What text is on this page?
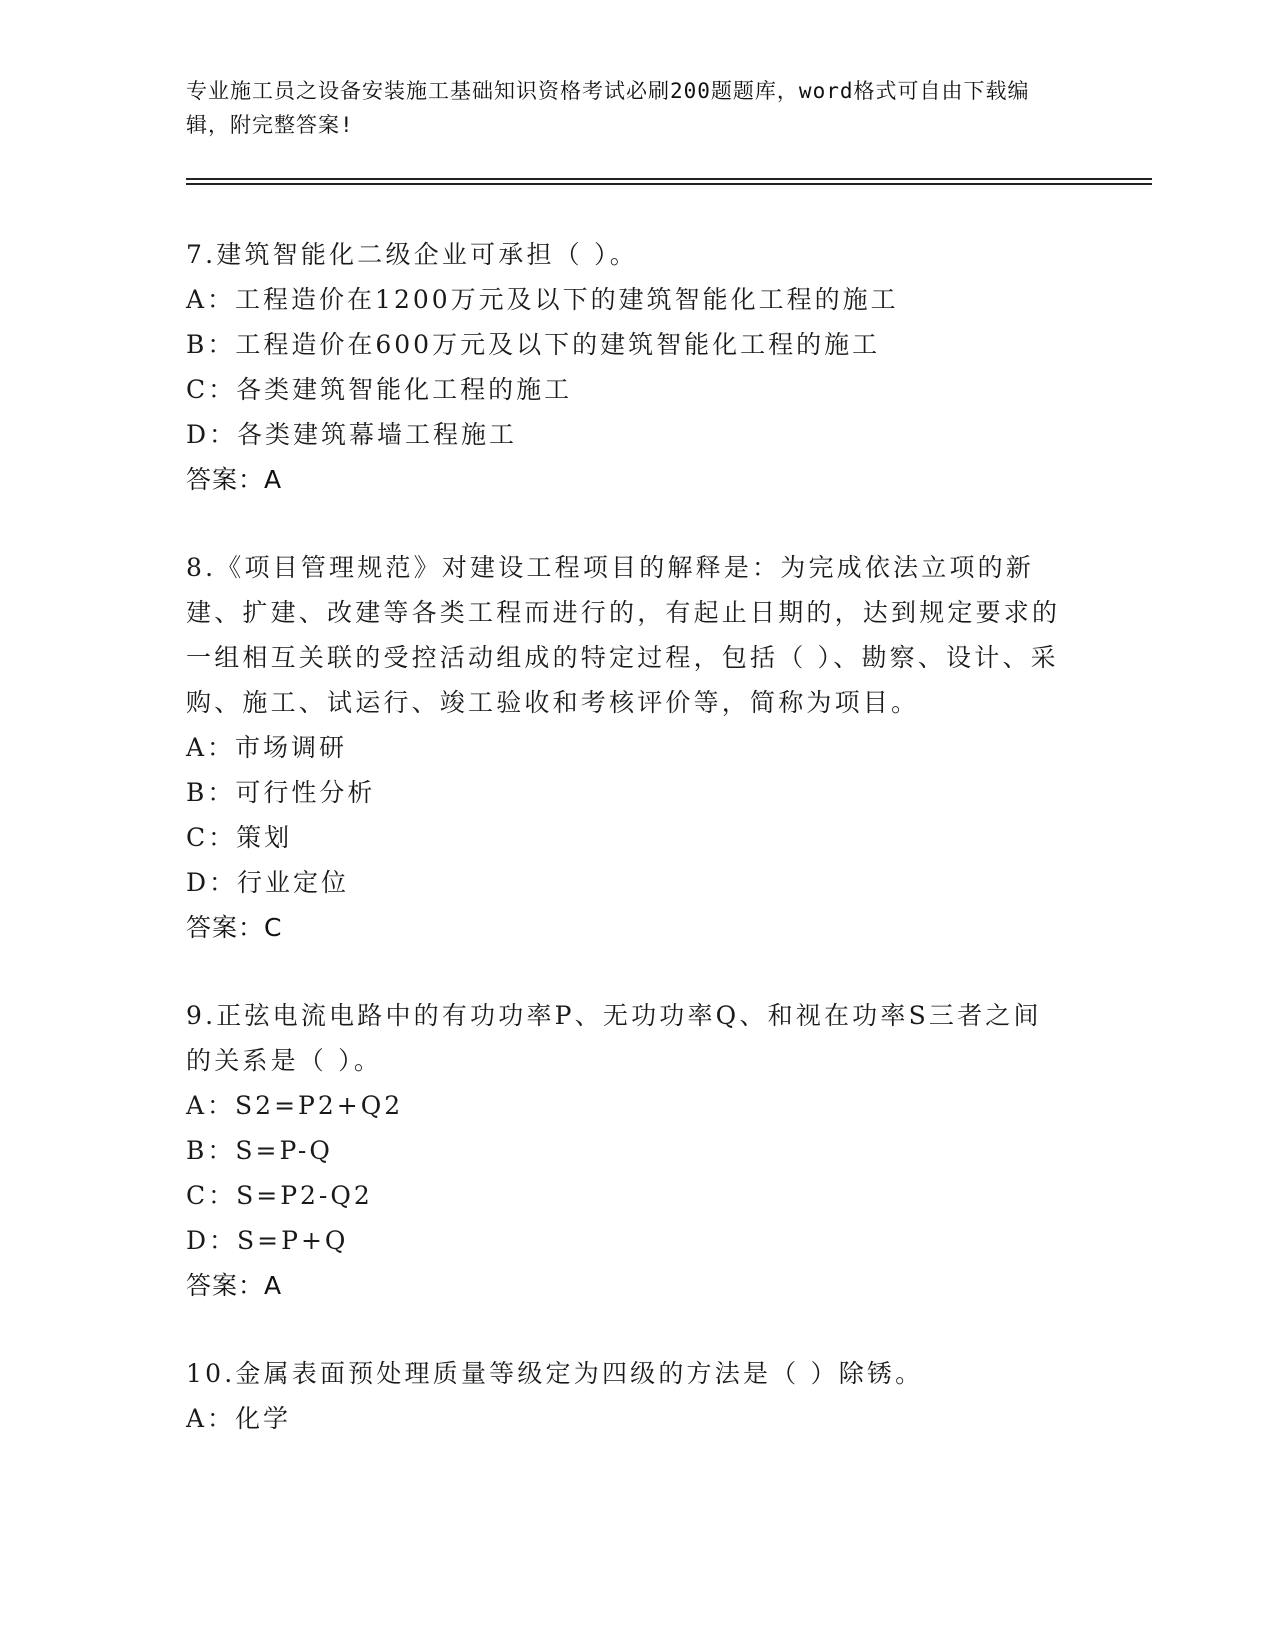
专业施工员之设备安装施工基础知识资格考试必刷200题题库，word格式可自由下载编辑，附完整答案!
7.建筑智能化二级企业可承担（ ）。
A：工程造价在1200万元及以下的建筑智能化工程的施工
B：工程造价在600万元及以下的建筑智能化工程的施工
C：各类建筑智能化工程的施工
D：各类建筑幕墙工程施工
答案：A
8.《项目管理规范》对建设工程项目的解释是：为完成依法立项的新建、扩建、改建等各类工程而进行的，有起止日期的，达到规定要求的一组相互关联的受控活动组成的特定过程，包括（ ）、勘察、设计、采购、施工、试运行、竣工验收和考核评价等，简称为项目。
A：市场调研
B：可行性分析
C：策划
D：行业定位
答案：C
9.正弦电流电路中的有功功率P、无功功率Q、和视在功率S三者之间的关系是（ ）。
A：S2=P2+Q2
B：S=P-Q
C：S=P2-Q2
D：S=P+Q
答案：A
10.金属表面预处理质量等级定为四级的方法是（ ）除锈。
A：化学
